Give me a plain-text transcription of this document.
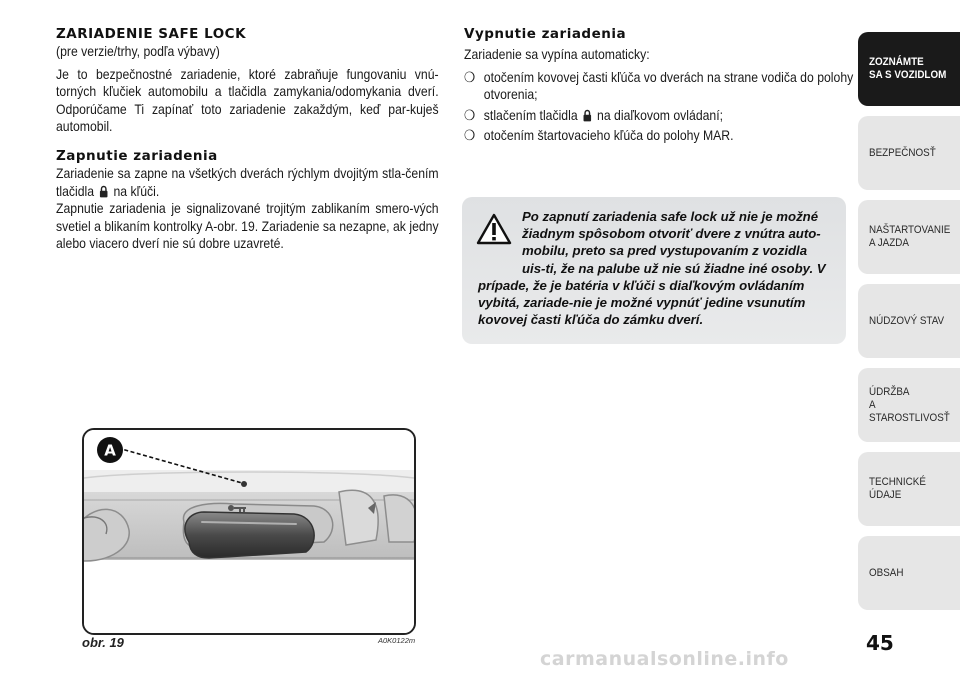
ZARIADENIE SAFE LOCK

(pre verzie/trhy, podľa výbavy)

Je to bezpečnostné zariadenie, ktoré zabraňuje fungovaniu vnú-torných kľučiek automobilu a tlačidla zamykania/odomykania dverí. Odporúčame Ti zapínať toto zariadenie zakaždým, keď par-kuješ automobil.

Zapnutie zariadenia

Zariadenie sa zapne na všetkých dverách rýchlym dvojitým stla-čením tlačidla na kľúči.

Zapnutie zariadenia je signalizované trojitým zablikaním smero-vých svetiel a blikaním kontrolky A-obr. 19. Zariadenie sa nezapne, ak jedny alebo viacero dverí nie sú dobre uzavreté.

Vypnutie zariadenia

Zariadenie sa vypína automaticky:

❍ otočením kovovej časti kľúča vo dverách na strane vodiča do polohy otvorenia;
❍ stlačením tlačidla na diaľkovom ovládaní;
❍ otočením štartovacieho kľúča do polohy MAR.
Po zapnutí zariadenia safe lock už nie je možné žiadnym spôsobom otvoriť dvere z vnútra auto-mobilu, preto sa pred vystupovaním z vozidla uis-ti, že na palube už nie sú žiadne iné osoby. V prípade, že je batéria v kľúči s diaľkovým ovládaním vybitá, zariade-nie je možné vypnúť jedine vsunutím kovovej časti kľúča do zámku dverí.
A
obr. 19	A0K0122m
ZOZNÁMTE
SA S VOZIDLOM
BEZPEČNOSŤ
NAŠTARTOVANIE
A JAZDA
NÚDZOVÝ STAV
ÚDRŽBA
A STAROSTLIVOSŤ
TECHNICKÉ
ÚDAJE
OBSAH
45
carmanualsonline.info
